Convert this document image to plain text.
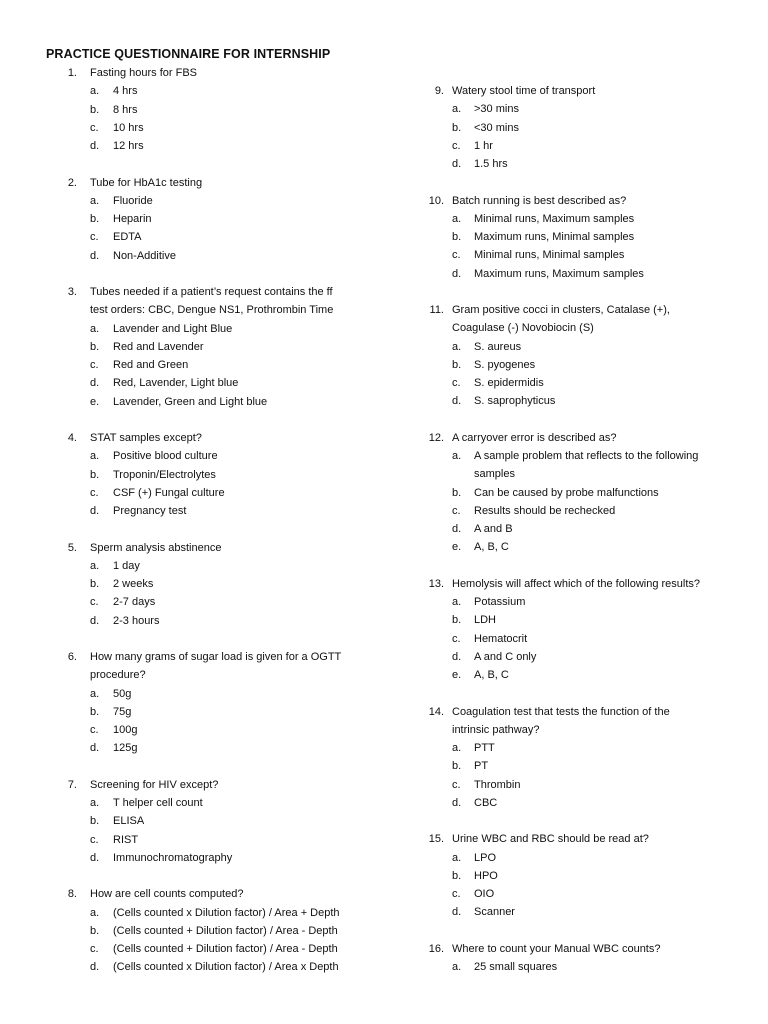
PRACTICE QUESTIONNAIRE FOR INTERNSHIP
1. Fasting hours for FBS
a. 4 hrs
b. 8 hrs
c. 10 hrs
d. 12 hrs
2. Tube for HbA1c testing
a. Fluoride
b. Heparin
c. EDTA
d. Non-Additive
3. Tubes needed if a patient’s request contains the ff
test orders: CBC, Dengue NS1, Prothrombin Time
a. Lavender and Light Blue
b. Red and Lavender
c. Red and Green
d. Red, Lavender, Light blue
e. Lavender, Green and Light blue
4. STAT samples except?
a. Positive blood culture
b. Troponin/Electrolytes
c. CSF (+) Fungal culture
d. Pregnancy test
5. Sperm analysis abstinence
a. 1 day
b. 2 weeks
c. 2-7 days
d. 2-3 hours
6. How many grams of sugar load is given for a OGTT
procedure?
a. 50g
b. 75g
c. 100g
d. 125g
7. Screening for HIV except?
a. T helper cell count
b. ELISA
c. RIST
d. Immunochromatography
8. How are cell counts computed?
a. (Cells counted x Dilution factor) / Area + Depth
b. (Cells counted + Dilution factor) / Area - Depth
c. (Cells counted + Dilution factor) / Area - Depth
d. (Cells counted x Dilution factor) / Area x Depth
9. Watery stool time of transport
a. >30 mins
b. <30 mins
c. 1 hr
d. 1.5 hrs
10. Batch running is best described as?
a. Minimal runs, Maximum samples
b. Maximum runs, Minimal samples
c. Minimal runs, Minimal samples
d. Maximum runs, Maximum samples
11. Gram positive cocci in clusters, Catalase (+),
Coagulase (-) Novobiocin (S)
a. S. aureus
b. S. pyogenes
c. S. epidermidis
d. S. saprophyticus
12. A carryover error is described as?
a. A sample problem that reflects to the following
samples
b. Can be caused by probe malfunctions
c. Results should be rechecked
d. A and B
e. A, B, C
13. Hemolysis will affect which of the following results?
a. Potassium
b. LDH
c. Hematocrit
d. A and C only
e. A, B, C
14. Coagulation test that tests the function of the
intrinsic pathway?
a. PTT
b. PT
c. Thrombin
d. CBC
15. Urine WBC and RBC should be read at?
a. LPO
b. HPO
c. OIO
d. Scanner
16. Where to count your Manual WBC counts?
a. 25 small squares
